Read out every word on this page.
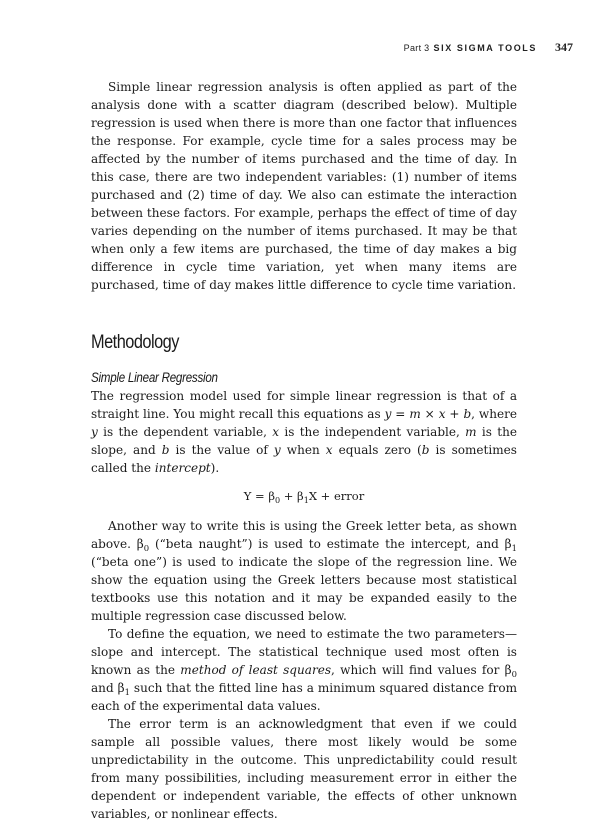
Part 3 SIX SIGMA TOOLS 347

Simple linear regression analysis is often applied as part of the analysis done with a scatter diagram (described below). Multiple regression is used when there is more than one factor that influences the response. For example, cycle time for a sales process may be affected by the number of items purchased and the time of day. In this case, there are two independent variables: (1) number of items purchased and (2) time of day. We also can estimate the interaction between these factors. For example, perhaps the effect of time of day varies depending on the number of items purchased. It may be that when only a few items are purchased, the time of day makes a big difference in cycle time variation, yet when many items are purchased, time of day makes little difference to cycle time variation.

Methodology
Simple Linear Regression

The regression model used for simple linear regression is that of a straight line. You might recall this equations as y = m × x + b, where y is the dependent variable, x is the independent variable, m is the slope, and b is the value of y when x equals zero (b is sometimes called the intercept).

$Y = \beta_0 + \beta_1X$ + error

Another way to write this is using the Greek letter beta, as shown above. $\beta_0$ (“beta naught”) is used to estimate the intercept, and $\beta_1$ (“beta one”) is used to indicate the slope of the regression line. We show the equation using the Greek letters because most statistical textbooks use this notation and it may be expanded easily to the multiple regression case discussed below.

To define the equation, we need to estimate the two parameters—slope and intercept. The statistical technique used most often is known as the method of least squares, which will find values for $\beta_0$ and $\beta_1$ such that the fitted line has a minimum squared distance from each of the experimental data values.

The error term is an acknowledgment that even if we could sample all possible values, there most likely would be some unpredictability in the outcome. This unpredictability could result from many possibilities, including measurement error in either the dependent or independent variable, the effects of other unknown variables, or nonlinear effects.
